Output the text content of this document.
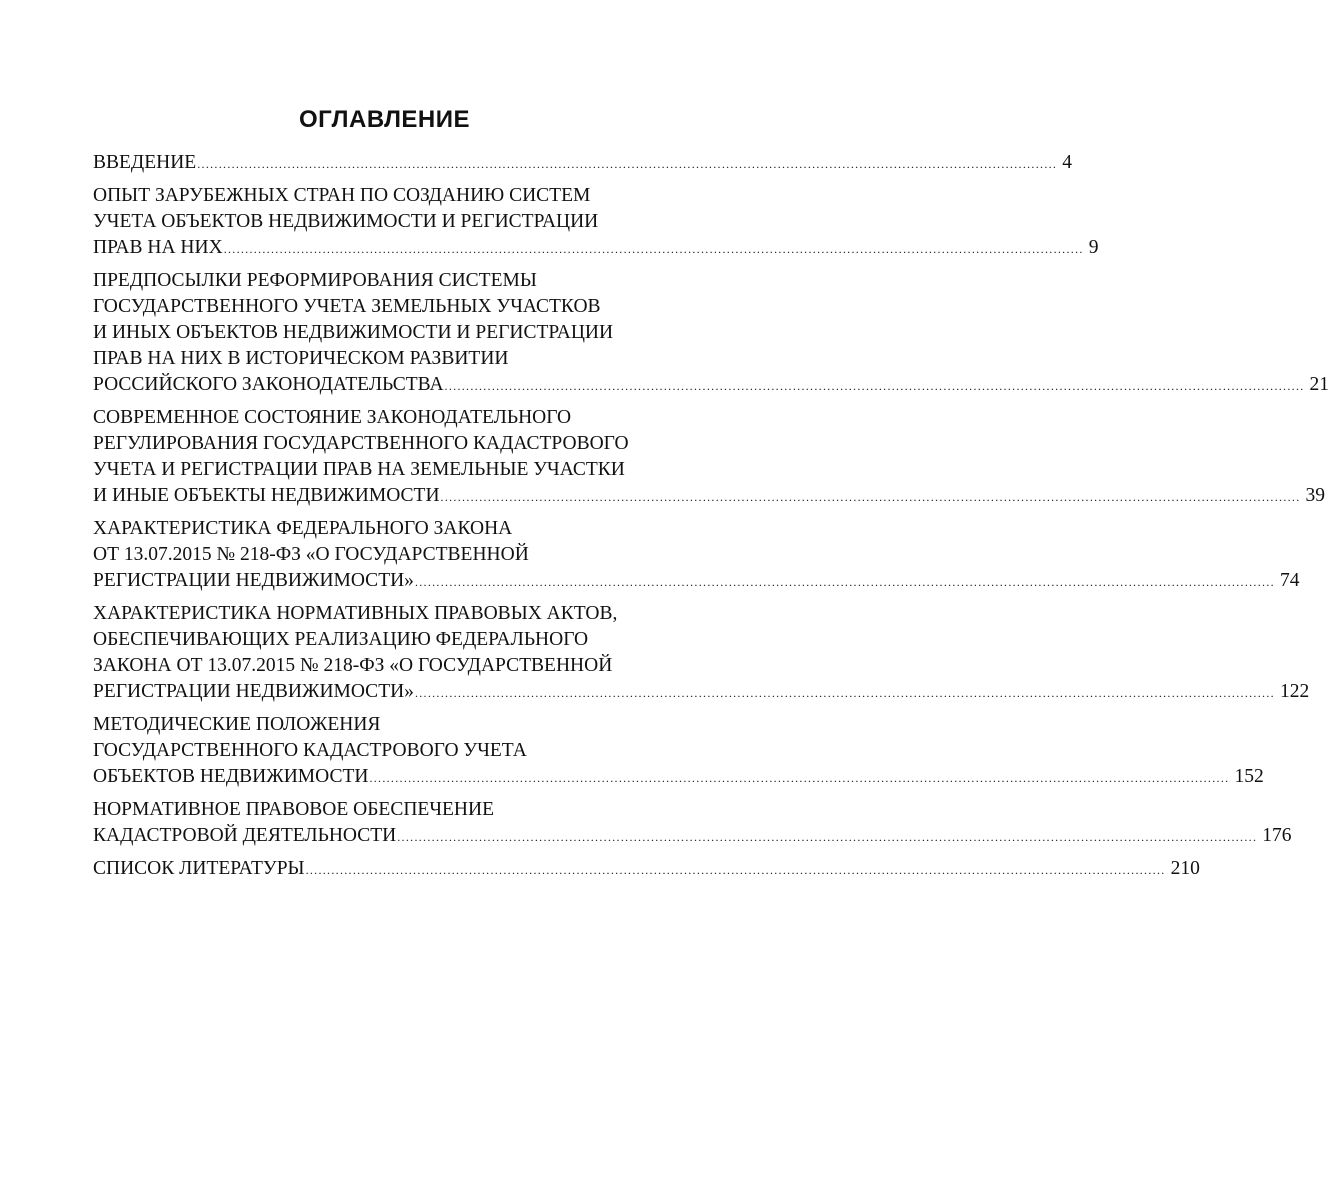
ОГЛАВЛЕНИЕ
ВВЕДЕНИЕ ........................................................................................................................................................................................................ 4
ОПЫТ ЗАРУБЕЖНЫХ СТРАН ПО СОЗДАНИЮ СИСТЕМ
УЧЕТА ОБЪЕКТОВ НЕДВИЖИМОСТИ И РЕГИСТРАЦИИ
ПРАВ НА НИХ ........................................................................................................................................................................................................ 9
ПРЕДПОСЫЛКИ РЕФОРМИРОВАНИЯ СИСТЕМЫ
ГОСУДАРСТВЕННОГО УЧЕТА ЗЕМЕЛЬНЫХ УЧАСТКОВ
И ИНЫХ ОБЪЕКТОВ НЕДВИЖИМОСТИ И РЕГИСТРАЦИИ
ПРАВ НА НИХ В ИСТОРИЧЕСКОМ РАЗВИТИИ
РОССИЙСКОГО ЗАКОНОДАТЕЛЬСТВА ........................................................................................................................................................................................................ 21
СОВРЕМЕННОЕ СОСТОЯНИЕ ЗАКОНОДАТЕЛЬНОГО
РЕГУЛИРОВАНИЯ ГОСУДАРСТВЕННОГО КАДАСТРОВОГО
УЧЕТА И РЕГИСТРАЦИИ ПРАВ НА ЗЕМЕЛЬНЫЕ УЧАСТКИ
И ИНЫЕ ОБЪЕКТЫ НЕДВИЖИМОСТИ ........................................................................................................................................................................................................ 39
ХАРАКТЕРИСТИКА ФЕДЕРАЛЬНОГО ЗАКОНА
ОТ 13.07.2015 № 218-ФЗ «О ГОСУДАРСТВЕННОЙ
РЕГИСТРАЦИИ НЕДВИЖИМОСТИ» ........................................................................................................................................................................................................ 74
ХАРАКТЕРИСТИКА НОРМАТИВНЫХ ПРАВОВЫХ АКТОВ,
ОБЕСПЕЧИВАЮЩИХ РЕАЛИЗАЦИЮ ФЕДЕРАЛЬНОГО
ЗАКОНА ОТ 13.07.2015 № 218-ФЗ «О ГОСУДАРСТВЕННОЙ
РЕГИСТРАЦИИ НЕДВИЖИМОСТИ» ........................................................................................................................................................................................................ 122
МЕТОДИЧЕСКИЕ ПОЛОЖЕНИЯ
ГОСУДАРСТВЕННОГО КАДАСТРОВОГО УЧЕТА
ОБЪЕКТОВ НЕДВИЖИМОСТИ ........................................................................................................................................................................................................ 152
НОРМАТИВНОЕ ПРАВОВОЕ ОБЕСПЕЧЕНИЕ
КАДАСТРОВОЙ ДЕЯТЕЛЬНОСТИ ........................................................................................................................................................................................................ 176
СПИСОК ЛИТЕРАТУРЫ ........................................................................................................................................................................................................ 210
